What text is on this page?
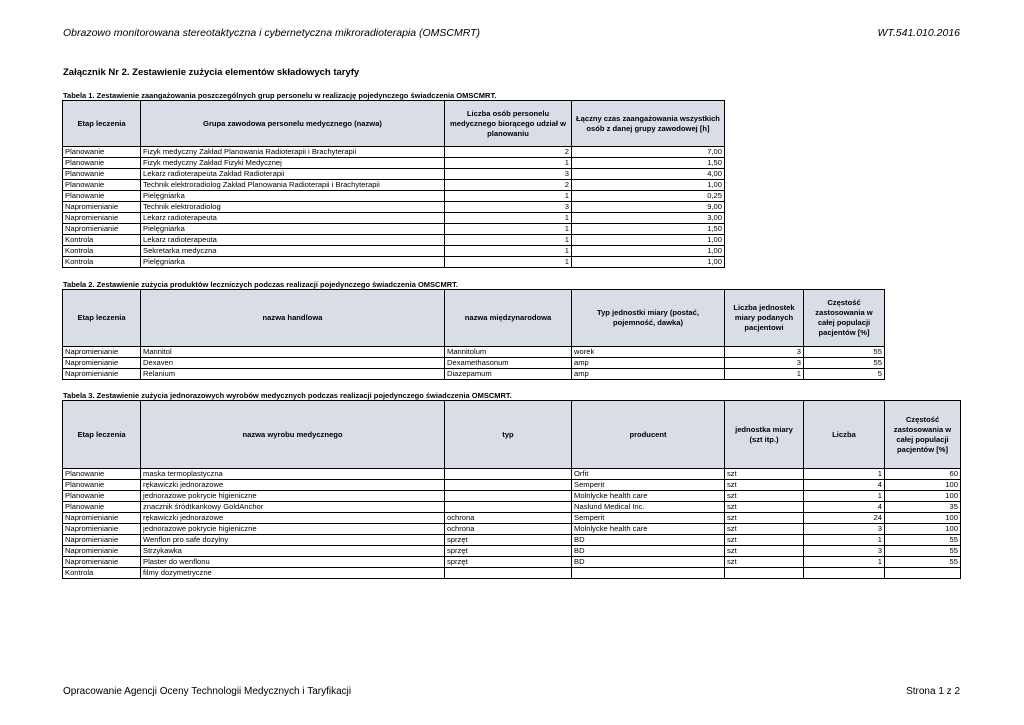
Obrazowo monitorowana stereotaktyczna i cybernetyczna mikroradioterapia (OMSCMRT)	WT.541.010.2016
Załącznik Nr 2. Zestawienie zużycia elementów składowych taryfy
Tabela 1. Zestawienie zaangażowania poszczególnych grup personelu w realizację pojedynczego świadczenia OMSCMRT.
Etap leczenia	Grupa zawodowa personelu medycznego (nazwa)	Liczba osób personelu medycznego biorącego udział w planowaniu	Łączny czas zaangażowania wszystkich osób z danej grupy zawodowej [h]
Planowanie	Fizyk medyczny Zakład Planowania Radioterapii i Brachyterapii	2	7,00
Planowanie	Fizyk medyczny Zakład Fizyki Medycznej	1	1,50
Planowanie	Lekarz radioterapeuta Zakład Radioterapii	3	4,00
Planowanie	Technik elektroradiolog Zakład Planowania Radioterapii i Brachyterapii	2	1,00
Planowanie	Pielęgniarka	1	0,25
Napromienianie	Technik elektroradiolog	3	9,00
Napromienianie	Lekarz radioterapeuta	1	3,00
Napromienianie	Pielęgniarka	1	1,50
Kontrola	Lekarz radioterapeuta	1	1,00
Kontrola	Sekretarka medyczna	1	1,00
Kontrola	Pielęgniarka	1	1,00
Tabela 2. Zestawienie zużycia produktów leczniczych podczas realizacji pojedynczego świadczenia OMSCMRT.
Etap leczenia	nazwa handlowa	nazwa międzynarodowa	Typ jednostki miary (postać, pojemność, dawka)	Liczba jednostek miary podanych pacjentowi	Częstość zastosowania w całej populacji pacjentów [%]
Napromienianie	Mannitol	Mannitolum	worek	3	55
Napromienianie	Dexaven	Dexamethasonum	amp	3	55
Napromienianie	Relanium	Diazepamum	amp	1	5
Tabela 3. Zestawienie zużycia jednorazowych wyrobów medycznych podczas realizacji pojedynczego świadczenia OMSCMRT.
Etap leczenia	nazwa wyrobu medycznego	typ	producent	jednostka miary (szt itp.)	Liczba	Częstość zastosowania w całej populacji pacjentów [%]
Planowanie	maska termoplastyczna		Orfit	szt	1	60
Planowanie	rękawiczki jednorazowe		Semperit	szt	4	100
Planowanie	jednorazowe pokrycie higieniczne		Molnlycke health care	szt	1	100
Planowanie	znacznik śródtkankowy GoldAnchor		Naslund Medical Inc.	szt	4	35
Napromienianie	rękawiczki jednorazowe	ochrona	Semperit	szt	24	100
Napromienianie	jednorazowe pokrycie higieniczne	ochrona	Molnlycke health care	szt	3	100
Napromienianie	Wenflon pro safe dozylny	sprzęt	BD	szt	1	55
Napromienianie	Strzykawka	sprzęt	BD	szt	3	55
Napromienianie	Plaster do wenflonu	sprzęt	BD	szt	1	55
Kontrola	filmy dozymetryczne					
Opracowanie Agencji Oceny Technologii Medycznych i Taryfikacji	Strona 1 z 2
